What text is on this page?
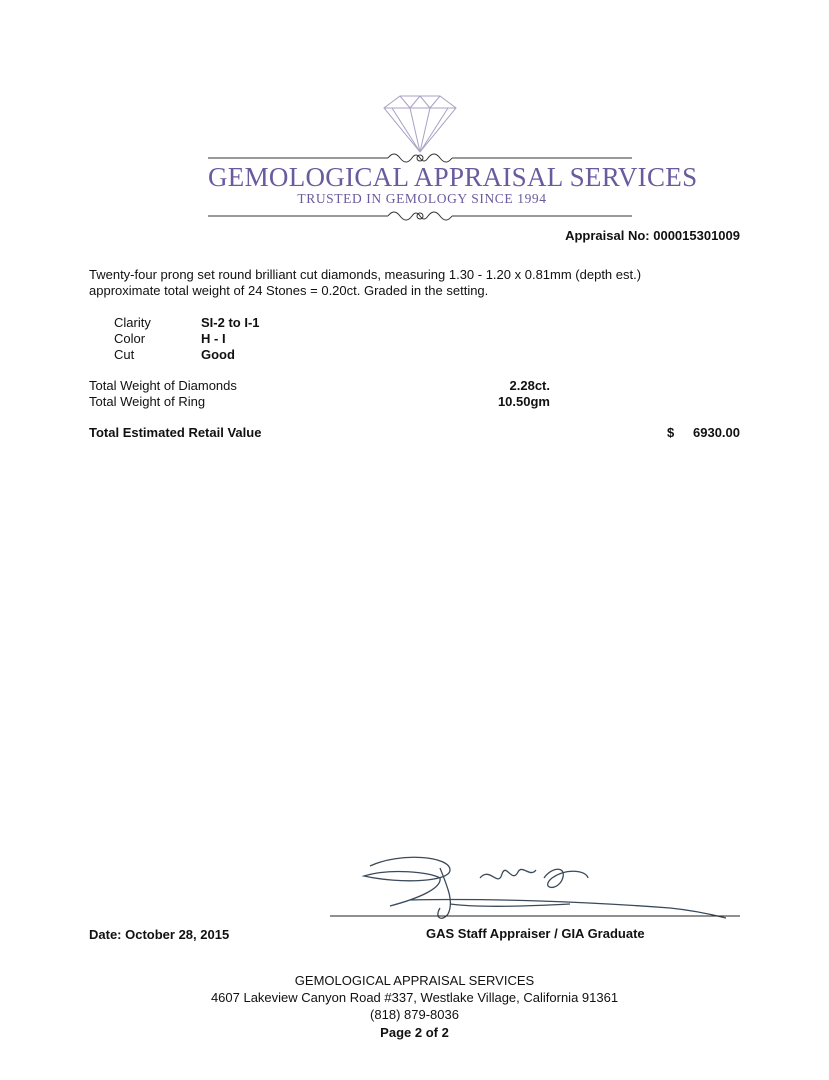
GEMOLOGICAL APPRAISAL SERVICES
TRUSTED IN GEMOLOGY SINCE 1994
Appraisal No: 000015301009
Twenty-four prong set round brilliant cut diamonds, measuring 1.30 - 1.20 x 0.81mm (depth est.)
approximate total weight of 24 Stones = 0.20ct. Graded in the setting.
Clarity	SI-2 to I-1
Color	H - I
Cut	Good
Total Weight of Diamonds	2.28ct.
Total Weight of Ring	10.50gm
Total Estimated Retail Value	$ 6930.00
Date: October 28, 2015	GAS Staff Appraiser / GIA Graduate
GEMOLOGICAL APPRAISAL SERVICES
4607 Lakeview Canyon Road #337, Westlake Village, California 91361
(818) 879-8036
Page 2 of 2
